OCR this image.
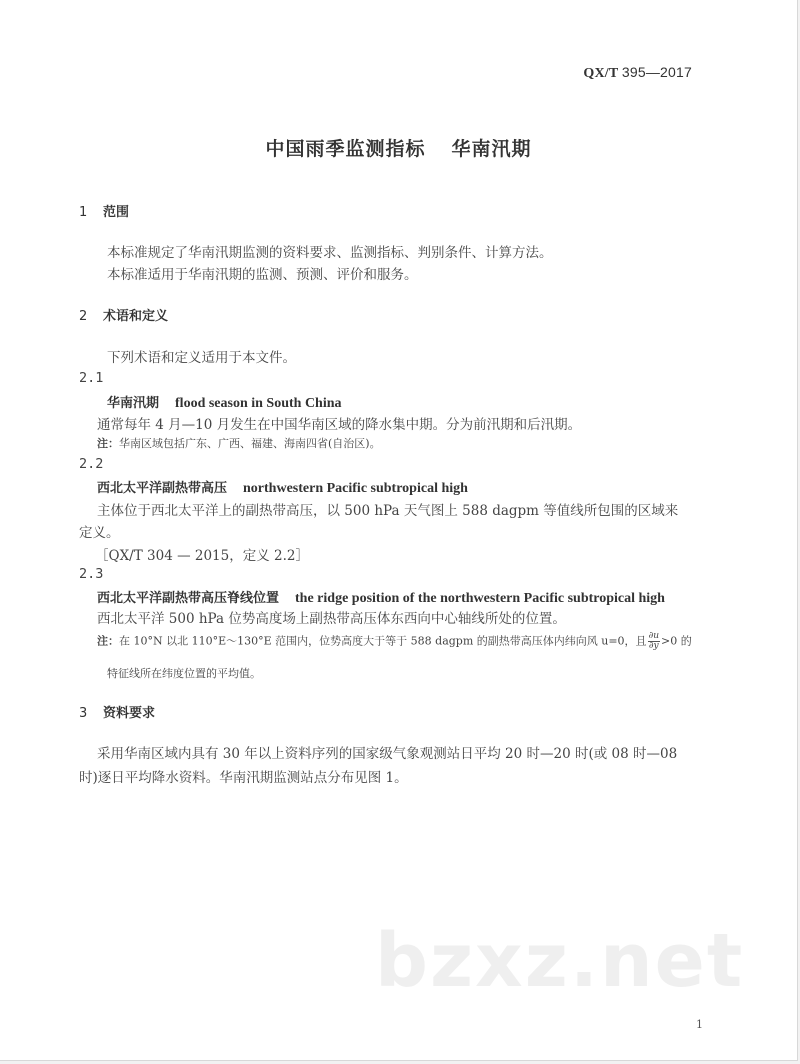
QX/T 395—2017
中国雨季监测指标 华南汛期
1 范围
本标准规定了华南汛期监测的资料要求、监测指标、判别条件、计算方法。
本标准适用于华南汛期的监测、预测、评价和服务。
2 术语和定义
下列术语和定义适用于本文件。
2.1
华南汛期 flood season in South China
通常每年 4 月—10 月发生在中国华南区域的降水集中期。分为前汛期和后汛期。
注：华南区域包括广东、广西、福建、海南四省(自治区)。
2.2
西北太平洋副热带高压 northwestern Pacific subtropical high
主体位于西北太平洋上的副热带高压，以 500 hPa 天气图上 588 dagpm 等值线所包围的区域来
定义。
［QX/T 304 — 2015，定义 2.2］
2.3
西北太平洋副热带高压脊线位置 the ridge position of the northwestern Pacific subtropical high
西北太平洋 500 hPa 位势高度场上副热带高压体东西向中心轴线所处的位置。
注：在 10°N 以北 110°E～130°E 范围内，位势高度大于等于 588 dagpm 的副热带高压体内纬向风 u=0，且 $\frac{\partial u}{\partial y} >0$ 的
特征线所在纬度位置的平均值。
3 资料要求
采用华南区域内具有 30 年以上资料序列的国家级气象观测站日平均 20 时—20 时(或 08 时—08
时)逐日平均降水资料。华南汛期监测站点分布见图 1。
bzxz.net
1
